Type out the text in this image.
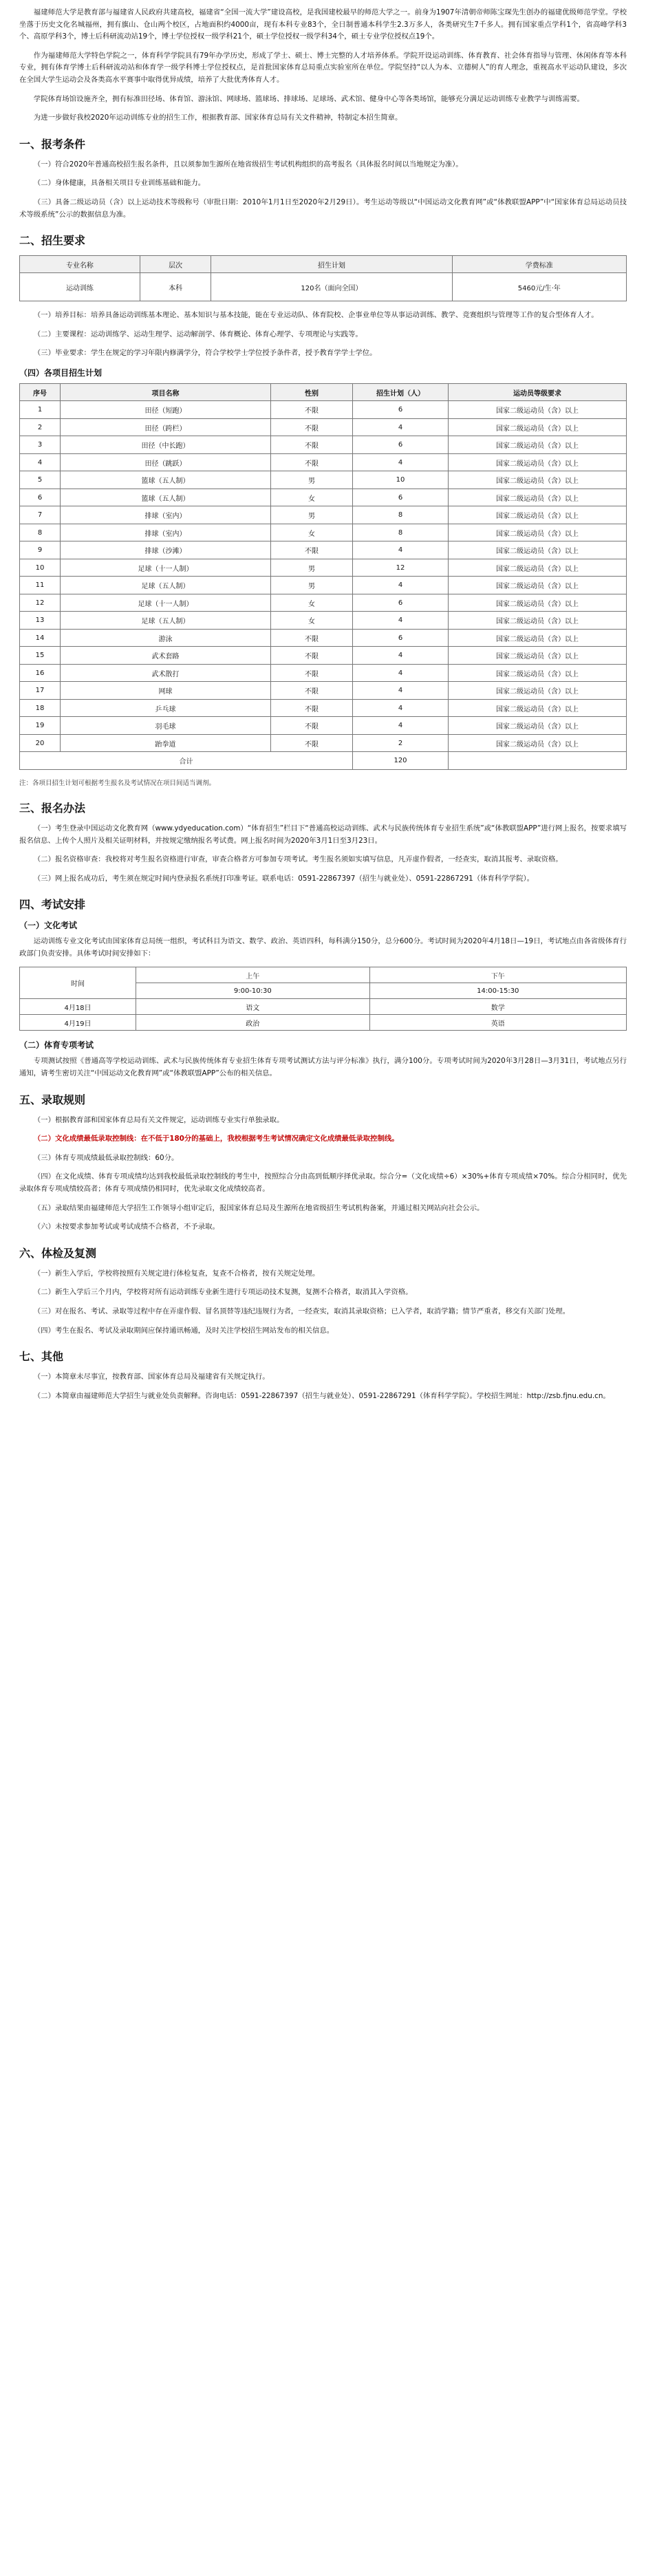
福建师范大学是教育部与福建省人民政府共建高校，福建省“全国一流大学”建设高校，是我国建校最早的师范大学之一。前身为1907年清朝帝师陈宝琛先生创办的福建优级师范学堂。学校坐落于历史文化名城福州，拥有旗山、仓山两个校区，占地面积约4000亩，现有本科专业83个，全日制普通本科学生2.3万多人，各类研究生7千多人。拥有国家重点学科1个，省高峰学科3个、高原学科3个，博士后科研流动站19个，博士学位授权一级学科21个，硕士学位授权一级学科34个，硕士专业学位授权点19个。

作为福建师范大学特色学院之一，体育科学学院具有79年办学历史，形成了学士、硕士、博士完整的人才培养体系。学院开设运动训练、体育教育、社会体育指导与管理、休闲体育等本科专业，拥有体育学博士后科研流动站和体育学一级学科博士学位授权点，是首批国家体育总局重点实验室所在单位。学院坚持“以人为本、立德树人”的育人理念，重视高水平运动队建设，多次在全国大学生运动会及各类高水平赛事中取得优异成绩，培养了大批优秀体育人才。

学院体育场馆设施齐全，拥有标准田径场、体育馆、游泳馆、网球场、篮球场、排球场、足球场、武术馆、健身中心等各类场馆，能够充分满足运动训练专业教学与训练需要。

为进一步做好我校2020年运动训练专业的招生工作，根据教育部、国家体育总局有关文件精神，特制定本招生简章。

一、报考条件

（一）符合2020年普通高校招生报名条件，且以须参加生源所在地省级招生考试机构组织的高考报名（具体报名时间以当地规定为准）。

（二）身体健康，具备相关项目专业训练基础和能力。

（三）具备二级运动员（含）以上运动技术等级称号（审批日期：2010年1月1日至2020年2月29日）。考生运动等级以“中国运动文化教育网”或“体教联盟APP”中“国家体育总局运动员技术等级系统”公示的数据信息为准。

二、招生要求
专业名称	层次	招生计划	学费标准
运动训练	本科	120名（面向全国）	5460元/生·年

（一）培养目标：培养具备运动训练基本理论、基本知识与基本技能，能在专业运动队、体育院校、企事业单位等从事运动训练、教学、竞赛组织与管理等工作的复合型体育人才。

（二）主要课程：运动训练学、运动生理学、运动解剖学、体育概论、体育心理学、专项理论与实践等。

（三）毕业要求：学生在规定的学习年限内修满学分，符合学校学士学位授予条件者，授予教育学学士学位。

（四）各项目招生计划
序号	项目名称	性别	招生计划（人）	运动员等级要求
1	田径（短跑）	不限	6	国家二级运动员（含）以上
2	田径（跨栏）	不限	4	国家二级运动员（含）以上
3	田径（中长跑）	不限	6	国家二级运动员（含）以上
4	田径（跳跃）	不限	4	国家二级运动员（含）以上
5	篮球（五人制）	男	10	国家二级运动员（含）以上
6	篮球（五人制）	女	6	国家二级运动员（含）以上
7	排球（室内）	男	8	国家二级运动员（含）以上
8	排球（室内）	女	8	国家二级运动员（含）以上
9	排球（沙滩）	不限	4	国家二级运动员（含）以上
10	足球（十一人制）	男	12	国家二级运动员（含）以上
11	足球（五人制）	男	4	国家二级运动员（含）以上
12	足球（十一人制）	女	6	国家二级运动员（含）以上
13	足球（五人制）	女	4	国家二级运动员（含）以上
14	游泳	不限	6	国家二级运动员（含）以上
15	武术套路	不限	4	国家二级运动员（含）以上
16	武术散打	不限	4	国家二级运动员（含）以上
17	网球	不限	4	国家二级运动员（含）以上
18	乒乓球	不限	4	国家二级运动员（含）以上
19	羽毛球	不限	4	国家二级运动员（含）以上
20	跆拳道	不限	2	国家二级运动员（含）以上
合计			120	

注：各项目招生计划可根据考生报名及考试情况在项目间适当调剂。

三、报名办法

（一）考生登录中国运动文化教育网（www.ydyeducation.com）“体育招生”栏目下“普通高校运动训练、武术与民族传统体育专业招生系统”或“体教联盟APP”进行网上报名，按要求填写报名信息、上传个人照片及相关证明材料，并按规定缴纳报名考试费。网上报名时间为2020年3月1日至3月23日。

（二）报名资格审查：我校将对考生报名资格进行审查，审查合格者方可参加专项考试。考生报名须如实填写信息，凡弄虚作假者，一经查实，取消其报考、录取资格。

（三）网上报名成功后，考生须在规定时间内登录报名系统打印准考证。联系电话：0591-22867397（招生与就业处）、0591-22867291（体育科学学院）。

四、考试安排
（一）文化考试

运动训练专业文化考试由国家体育总局统一组织，考试科目为语文、数学、政治、英语四科，每科满分150分，总分600分。考试时间为2020年4月18日—19日，考试地点由各省级体育行政部门负责安排。具体考试时间安排如下：

时间	上午	下午
	9:00-10:30	14:00-15:30
4月18日	语文	数学
4月19日	政治	英语
（二）体育专项考试

专项测试按照《普通高等学校运动训练、武术与民族传统体育专业招生体育专项考试测试方法与评分标准》执行，满分100分。专项考试时间为2020年3月28日—3月31日，考试地点另行通知，请考生密切关注“中国运动文化教育网”或“体教联盟APP”公布的相关信息。

五、录取规则

（一）根据教育部和国家体育总局有关文件规定，运动训练专业实行单独录取。

（二）文化成绩最低录取控制线：在不低于180分的基础上，我校根据考生考试情况确定文化成绩最低录取控制线。

（三）体育专项成绩最低录取控制线：60分。

（四）在文化成绩、体育专项成绩均达到我校最低录取控制线的考生中，按照综合分由高到低顺序择优录取。综合分=（文化成绩÷6）×30%+体育专项成绩×70%。综合分相同时，优先录取体育专项成绩较高者；体育专项成绩仍相同时，优先录取文化成绩较高者。

（五）录取结果由福建师范大学招生工作领导小组审定后，报国家体育总局及生源所在地省级招生考试机构备案，并通过相关网站向社会公示。

（六）未按要求参加考试或考试成绩不合格者，不予录取。

六、体检及复测

（一）新生入学后，学校将按照有关规定进行体检复查，复查不合格者，按有关规定处理。

（二）新生入学后三个月内，学校将对所有运动训练专业新生进行专项运动技术复测，复测不合格者，取消其入学资格。

（三）对在报名、考试、录取等过程中存在弄虚作假、冒名顶替等违纪违规行为者，一经查实，取消其录取资格；已入学者，取消学籍；情节严重者，移交有关部门处理。

（四）考生在报名、考试及录取期间应保持通讯畅通，及时关注学校招生网站发布的相关信息。

七、其他

（一）本简章未尽事宜，按教育部、国家体育总局及福建省有关规定执行。

（二）本简章由福建师范大学招生与就业处负责解释。咨询电话：0591-22867397（招生与就业处）、0591-22867291（体育科学学院）。学校招生网址：http://zsb.fjnu.edu.cn。
